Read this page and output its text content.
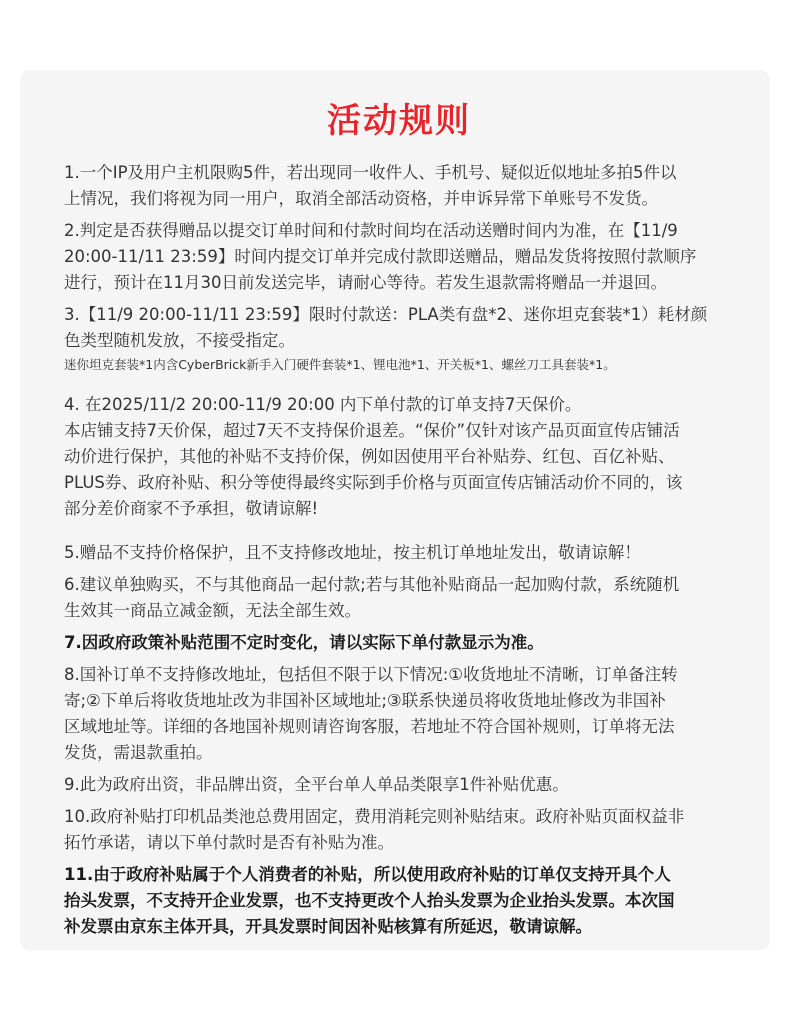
活动规则
1.一个IP及用户主机限购5件，若出现同一收件人、手机号、疑似近似地址多拍5件以
上情况，我们将视为同一用户，取消全部活动资格，并申诉异常下单账号不发货。
2.判定是否获得赠品以提交订单时间和付款时间均在活动送赠时间内为准，在【11/9
20:00-11/11 23:59】时间内提交订单并完成付款即送赠品，赠品发货将按照付款顺序
进行，预计在11月30日前发送完毕，请耐心等待。若发生退款需将赠品一并退回。
3.【11/9 20:00-11/11 23:59】限时付款送：PLA类有盘*2、迷你坦克套装*1）耗材颜
色类型随机发放，不接受指定。
迷你坦克套装*1内含CyberBrick新手入门硬件套装*1、锂电池*1、开关板*1、螺丝刀工具套装*1。
4. 在2025/11/2 20:00-11/9 20:00 内下单付款的订单支持7天保价。
本店铺支持7天价保，超过7天不支持保价退差。“保价”仅针对该产品页面宣传店铺活
动价进行保护，其他的补贴不支持价保，例如因使用平台补贴券、红包、百亿补贴、
PLUS券、政府补贴、积分等使得最终实际到手价格与页面宣传店铺活动价不同的，该
部分差价商家不予承担，敬请谅解!
5.赠品不支持价格保护，且不支持修改地址，按主机订单地址发出，敬请谅解！
6.建议单独购买，不与其他商品一起付款;若与其他补贴商品一起加购付款，系统随机
生效其一商品立减金额，无法全部生效。
7.因政府政策补贴范围不定时变化，请以实际下单付款显示为准。
8.国补订单不支持修改地址，包括但不限于以下情况:①收货地址不清晰，订单备注转
寄;②下单后将收货地址改为非国补区域地址;③联系快递员将收货地址修改为非国补
区域地址等。详细的各地国补规则请咨询客服，若地址不符合国补规则，订单将无法
发货，需退款重拍。
9.此为政府出资，非品牌出资，全平台单人单品类限享1件补贴优惠。
10.政府补贴打印机品类池总费用固定，费用消耗完则补贴结束。政府补贴页面权益非
拓竹承诺，请以下单付款时是否有补贴为准。
11.由于政府补贴属于个人消费者的补贴，所以使用政府补贴的订单仅支持开具个人
抬头发票，不支持开企业发票，也不支持更改个人抬头发票为企业抬头发票。本次国
补发票由京东主体开具，开具发票时间因补贴核算有所延迟，敬请谅解。
